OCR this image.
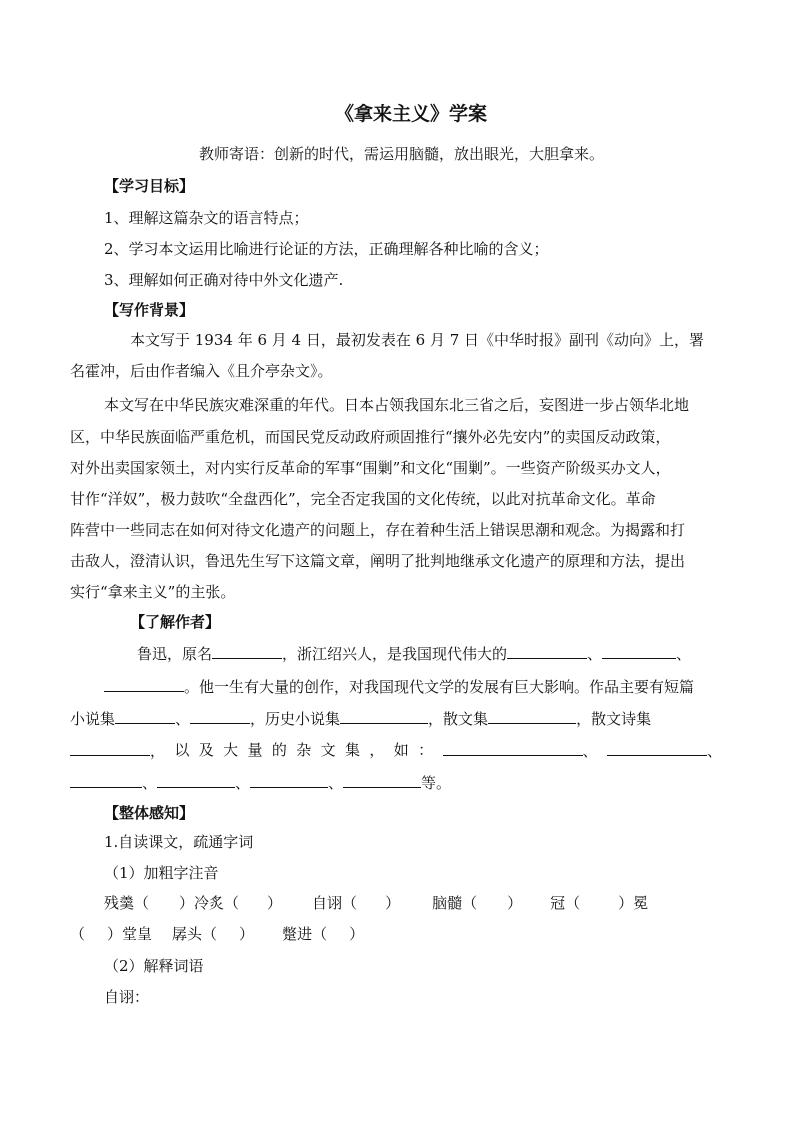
《拿来主义》学案
教师寄语：创新的时代，需运用脑髓，放出眼光，大胆拿来。
【学习目标】
1、理解这篇杂文的语言特点；
2、学习本文运用比喻进行论证的方法，正确理解各种比喻的含义；
3、理解如何正确对待中外文化遗产.
【写作背景】
本文写于 1934 年 6 月 4 日，最初发表在 6 月 7 日《中华时报》副刊《动向》上，署
名霍冲，后由作者编入《且介亭杂文》。
本文写在中华民族灾难深重的年代。日本占领我国东北三省之后，妄图进一步占领华北地
区，中华民族面临严重危机，而国民党反动政府顽固推行“攘外必先安内”的卖国反动政策，
对外出卖国家领土，对内实行反革命的军事“围剿”和文化“围剿”。一些资产阶级买办文人，
甘作“洋奴”，极力鼓吹“全盘西化”，完全否定我国的文化传统，以此对抗革命文化。革命
阵营中一些同志在如何对待文化遗产的问题上，存在着种生活上错误思潮和观念。为揭露和打
击敌人，澄清认识，鲁迅先生写下这篇文章，阐明了批判地继承文化遗产的原理和方法，提出
实行“拿来主义”的主张。
【了解作者】
鲁迅，原名	，浙江绍兴人，是我国现代伟大的	、	、
。他一生有大量的创作，对我国现代文学的发展有巨大影响。作品主要有短篇
小说集	、	，历史小说集	，散文集	，散文诗集
， 以 及 大 量 的 杂 文 集 ， 如 ：	、	、
、	、	、	等。
【整体感知】
1.自读课文，疏通字词
（1）加粗字注音
残羹（ ）冷炙（ ） 自诩（ ） 脑髓（ ） 冠（	）冕
（ ）堂皇 孱头（ ） 蹩进（ ）
（2）解释词语
自诩：
